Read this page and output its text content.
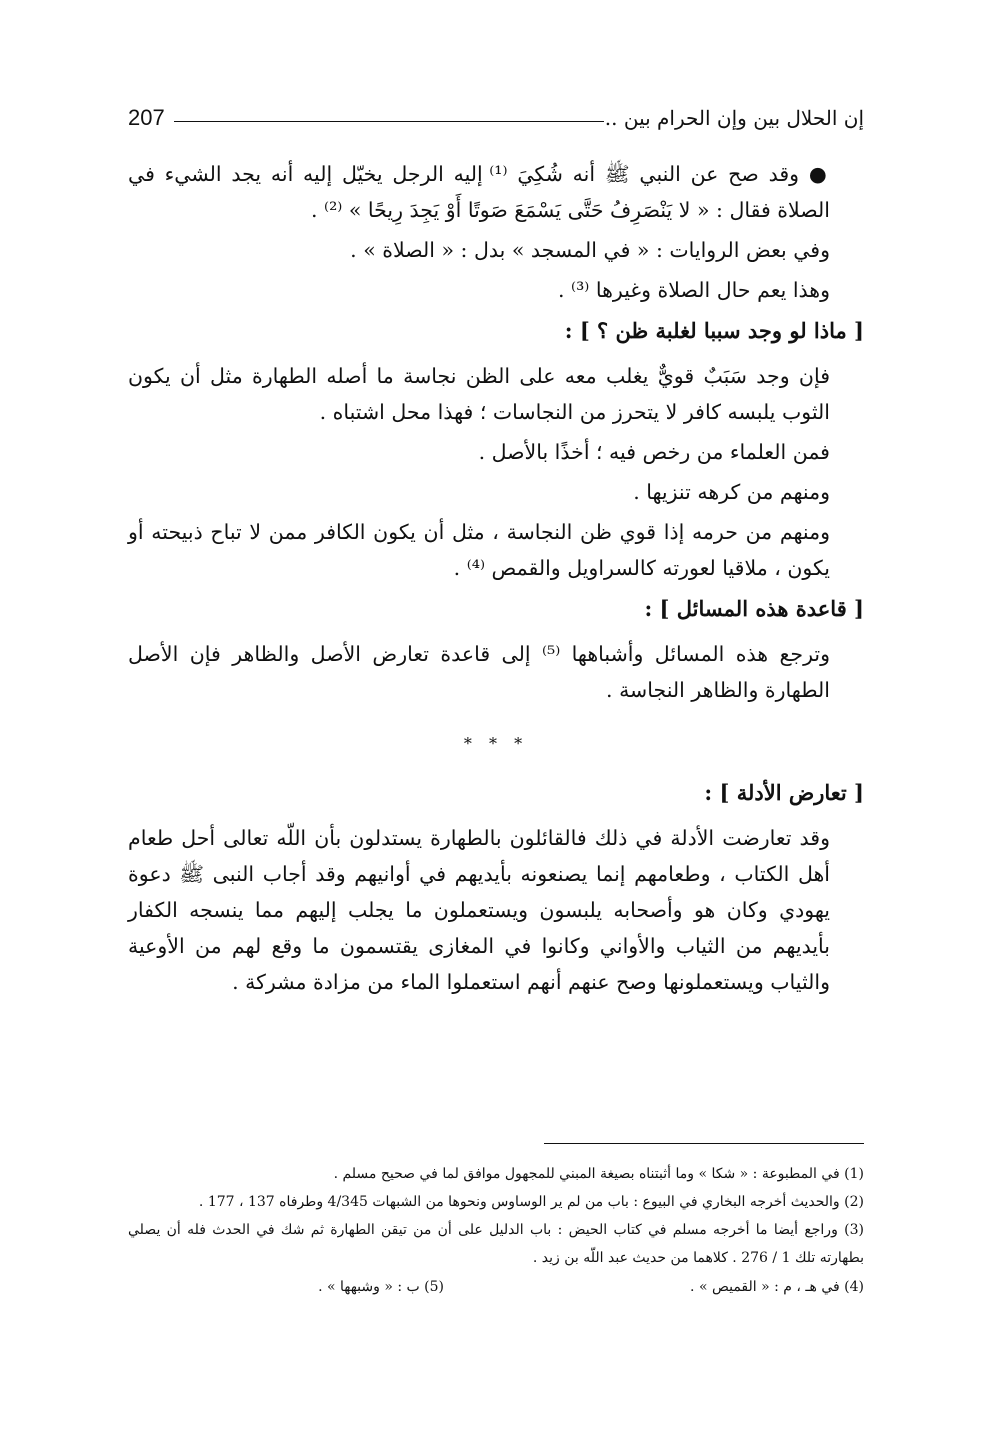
إن الحلال بين وإن الحرام بين ..
207

● وقد صح عن النبي ﷺ أنه شُكِيَ ⁽¹⁾ إليه الرجل يخيّل إليه أنه يجد الشيء في الصلاة فقال : « لا يَنْصَرِفُ حَتَّى يَسْمَعَ صَوتًا أَوْ يَجِدَ رِيحًا » ⁽²⁾ .

وفي بعض الروايات : « في المسجد » بدل : « الصلاة » .

وهذا يعم حال الصلاة وغيرها ⁽³⁾ .

[ ماذا لو وجد سببا لغلبة ظن ؟ ] :

فإن وجد سَبَبٌ قويٌّ يغلب معه على الظن نجاسة ما أصله الطهارة مثل أن يكون الثوب يلبسه كافر لا يتحرز من النجاسات ؛ فهذا محل اشتباه .

فمن العلماء من رخص فيه ؛ أخذًا بالأصل .

ومنهم من كرهه تنزيها .

ومنهم من حرمه إذا قوي ظن النجاسة ، مثل أن يكون الكافر ممن لا تباح ذبيحته أو يكون ، ملاقيا لعورته كالسراويل والقمص ⁽⁴⁾ .

[ قاعدة هذه المسائل ] :

وترجع هذه المسائل وأشباهها ⁽⁵⁾ إلى قاعدة تعارض الأصل والظاهر فإن الأصل الطهارة والظاهر النجاسة .

* * *

[ تعارض الأدلة ] :

وقد تعارضت الأدلة في ذلك فالقائلون بالطهارة يستدلون بأن اللّه تعالى أحل طعام أهل الكتاب ، وطعامهم إنما يصنعونه بأيديهم في أوانيهم وقد أجاب النبى ﷺ دعوة يهودي وكان هو وأصحابه يلبسون ويستعملون ما يجلب إليهم مما ينسجه الكفار بأيديهم من الثياب والأواني وكانوا في المغازى يقتسمون ما وقع لهم من الأوعية والثياب ويستعملونها وصح عنهم أنهم استعملوا الماء من مزادة مشركة .

(1) في المطبوعة : « شكا » وما أثبتناه بصيغة المبني للمجهول موافق لما في صحيح مسلم .

(2) والحديث أخرجه البخاري في البيوع : باب من لم ير الوساوس ونحوها من الشبهات 4/345 وطرفاه 137 ، 177 .

(3) وراجع أيضا ما أخرجه مسلم في كتاب الحيض : باب الدليل على أن من تيقن الطهارة ثم شك في الحدث فله أن يصلي بطهارته تلك 1 / 276 . كلاهما من حديث عبد اللّه بن زيد .

(4) في هـ ، م : « القميص » .
(5) ب : « وشبهها » .
